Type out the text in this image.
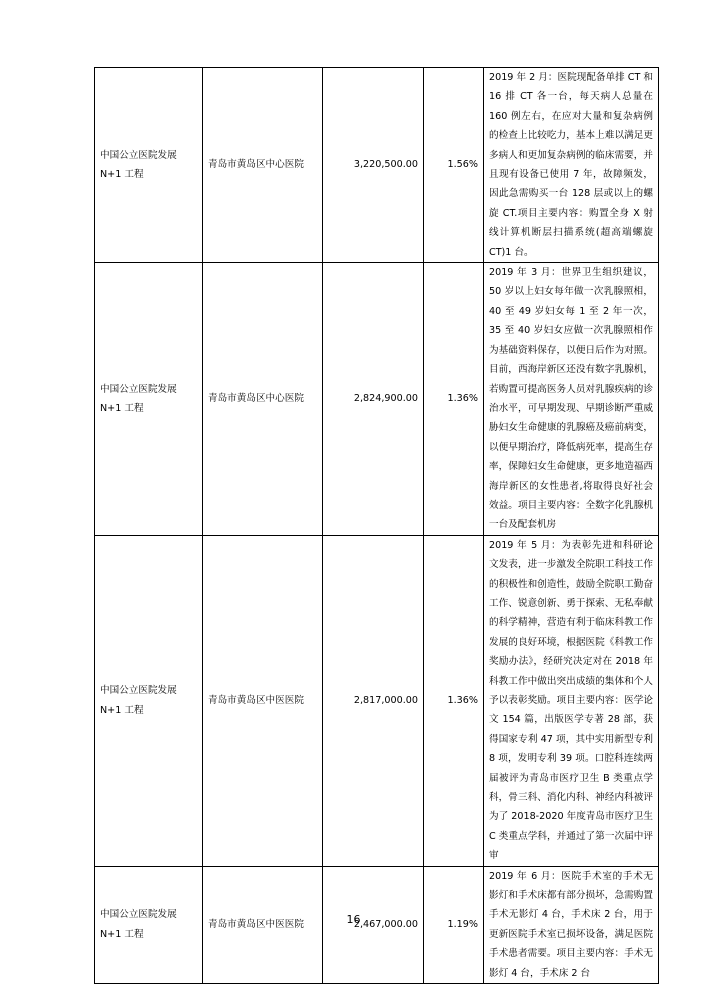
中国公立医院发展 N+1 工程	青岛市黄岛区中心医院	3,220,500.00	1.56%	2019 年 2 月：医院现配备单排 CT 和 16 排 CT 各一台，每天病人总量在 160 例左右，在应对大量和复杂病例的检查上比较吃力，基本上难以满足更多病人和更加复杂病例的临床需要，并且现有设备已使用 7 年，故障频发，因此急需购买一台 128 层或以上的螺旋 CT.项目主要内容：购置全身 X 射线计算机断层扫描系统(超高端螺旋 CT)1 台。
中国公立医院发展 N+1 工程	青岛市黄岛区中心医院	2,824,900.00	1.36%	2019 年 3 月：世界卫生组织建议，50 岁以上妇女每年做一次乳腺照相，40 至 49 岁妇女每 1 至 2 年一次，35 至 40 岁妇女应做一次乳腺照相作为基础资料保存，以便日后作为对照。目前，西海岸新区还没有数字乳腺机，若购置可提高医务人员对乳腺疾病的诊治水平，可早期发现、早期诊断严重威胁妇女生命健康的乳腺癌及癌前病变，以便早期治疗，降低病死率，提高生存率，保障妇女生命健康，更多地造福西海岸新区的女性患者,将取得良好社会效益。项目主要内容：全数字化乳腺机一台及配套机房
中国公立医院发展 N+1 工程	青岛市黄岛区中医医院	2,817,000.00	1.36%	2019 年 5 月：为表彰先进和科研论文发表，进一步激发全院职工科技工作的积极性和创造性，鼓励全院职工勤奋工作、锐意创新、勇于探索、无私奉献的科学精神，营造有利于临床科教工作发展的良好环境，根据医院《科教工作奖励办法》，经研究决定对在 2018 年科教工作中做出突出成绩的集体和个人予以表彰奖励。项目主要内容：医学论文 154 篇，出版医学专著 28 部，获得国家专利 47 项，其中实用新型专利 8 项，发明专利 39 项。口腔科连续两届被评为青岛市医疗卫生 B 类重点学科，骨三科、消化内科、神经内科被评为了 2018-2020 年度青岛市医疗卫生 C 类重点学科，并通过了第一次届中评审
中国公立医院发展 N+1 工程	青岛市黄岛区中医医院	2,467,000.00	1.19%	2019 年 6 月：医院手术室的手术无影灯和手术床都有部分损坏，急需购置手术无影灯 4 台，手术床 2 台，用于更新医院手术室已损坏设备，满足医院手术患者需要。项目主要内容：手术无影灯 4 台，手术床 2 台
16
